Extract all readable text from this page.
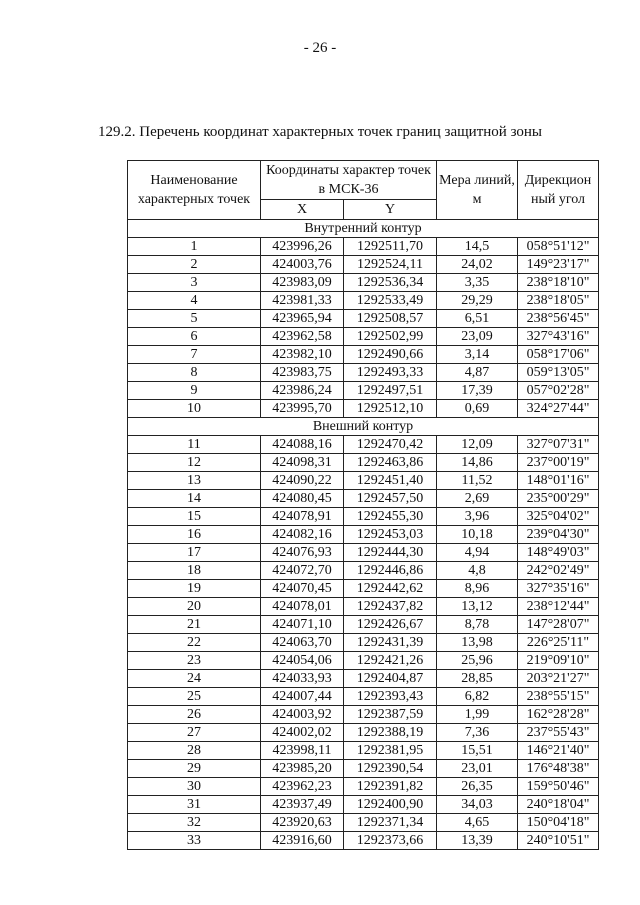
- 26 -
129.2. Перечень координат характерных точек границ защитной зоны
Наименование характерных точек	Координаты характер точек в МСК-36		Мера линий, м	Дирекцион ный угол
	X	Y		
Внутренний контур				
1	423996,26	1292511,70	14,5	058°51'12"
2	424003,76	1292524,11	24,02	149°23'17"
3	423983,09	1292536,34	3,35	238°18'10"
4	423981,33	1292533,49	29,29	238°18'05"
5	423965,94	1292508,57	6,51	238°56'45"
6	423962,58	1292502,99	23,09	327°43'16"
7	423982,10	1292490,66	3,14	058°17'06"
8	423983,75	1292493,33	4,87	059°13'05"
9	423986,24	1292497,51	17,39	057°02'28"
10	423995,70	1292512,10	0,69	324°27'44"
Внешний контур				
11	424088,16	1292470,42	12,09	327°07'31"
12	424098,31	1292463,86	14,86	237°00'19"
13	424090,22	1292451,40	11,52	148°01'16"
14	424080,45	1292457,50	2,69	235°00'29"
15	424078,91	1292455,30	3,96	325°04'02"
16	424082,16	1292453,03	10,18	239°04'30"
17	424076,93	1292444,30	4,94	148°49'03"
18	424072,70	1292446,86	4,8	242°02'49"
19	424070,45	1292442,62	8,96	327°35'16"
20	424078,01	1292437,82	13,12	238°12'44"
21	424071,10	1292426,67	8,78	147°28'07"
22	424063,70	1292431,39	13,98	226°25'11"
23	424054,06	1292421,26	25,96	219°09'10"
24	424033,93	1292404,87	28,85	203°21'27"
25	424007,44	1292393,43	6,82	238°55'15"
26	424003,92	1292387,59	1,99	162°28'28"
27	424002,02	1292388,19	7,36	237°55'43"
28	423998,11	1292381,95	15,51	146°21'40"
29	423985,20	1292390,54	23,01	176°48'38"
30	423962,23	1292391,82	26,35	159°50'46"
31	423937,49	1292400,90	34,03	240°18'04"
32	423920,63	1292371,34	4,65	150°04'18"
33	423916,60	1292373,66	13,39	240°10'51"
